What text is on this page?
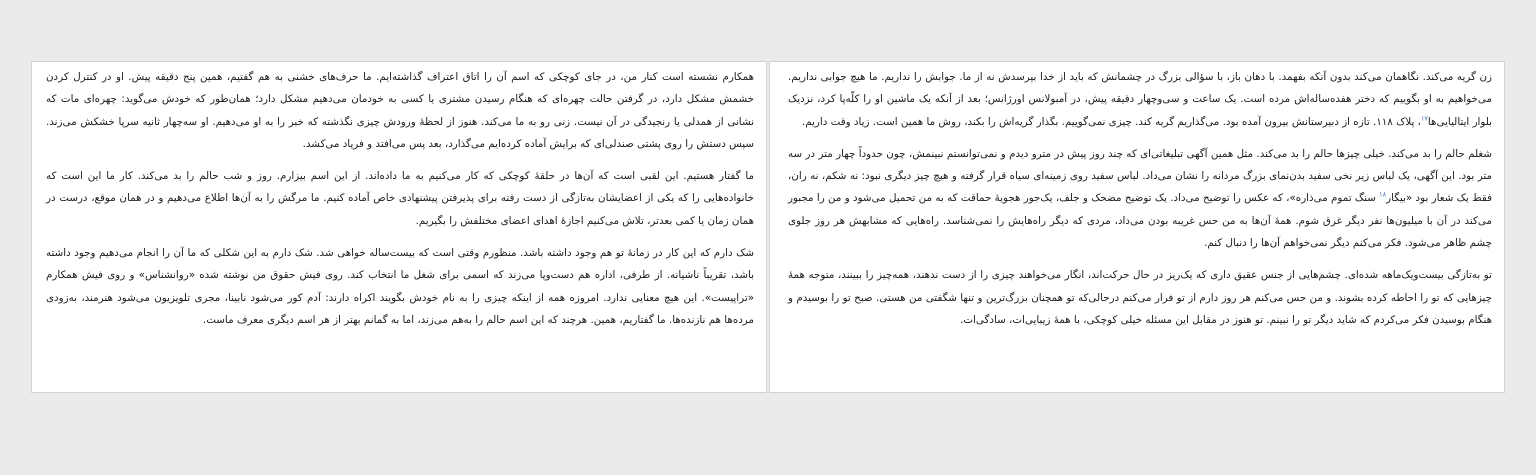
زن گریه می‌کند. نگاهمان می‌کند بدون آنکه بفهمد. با دهان باز، با سؤالی بزرگ در چشمانش که باید از خدا بپرسدش نه از ما. جوابش را نداریم. ما هیچ جوابی نداریم. می‌خواهیم به او بگوییم که دختر هفده‌ساله‌اش مرده است. یک ساعت و سی‌وچهار دقیقه پیش، در آمبولانس اورژانس؛ بعد از آنکه یک ماشین او را کلّه‌پا کرد، نزدیک بلوار ایتالیایی‌ها$^{۱۷}$، پلاک ۱۱۸. تازه از دبیرستانش بیرون آمده بود. می‌گذاریم گریه کند. چیزی نمی‌گوییم. بگذار گریه‌اش را بکند، روش ما همین است. زیاد وقت داریم.

شغلم حالم را بد می‌کند. خیلی چیزها حالم را بد می‌کند. مثل همین آگهی تبلیغاتی‌ای که چند روز پیش در مترو دیدم و نمی‌توانستم نبینمش، چون حدوداً چهار متر در سه متر بود. این آگهی، یک لباس زیر نخی سفید بدن‌نمای بزرگ مردانه را نشان می‌داد. لباس سفید روی زمینه‌ای سیاه قرار گرفته و هیچ چیز دیگری نبود: نه شکم، نه ران، فقط یک شعار بود «بیگار$^{۱۸}$ سنگ تموم می‌ذاره»، که عکس را توضیح می‌داد. یک توضیح مضحک و جلف، یک‌جور هجویهٔ حماقت که به من تحمیل می‌شود و من را مجبور می‌کند در آن با میلیون‌ها نفر دیگر غرق شوم. همهٔ آن‌ها به من حس غریبه بودن می‌داد، مردی که دیگر راه‌هایش را نمی‌شناسد. راه‌هایی که مشابهش هر روز جلوی چشم ظاهر می‌شود. فکر می‌کنم دیگر نمی‌خواهم آن‌ها را دنبال کنم.

تو به‌تازگی بیست‌ویک‌ماهه شده‌ای. چشم‌هایی از جنس عقیق داری که یک‌ریز در حال حرکت‌اند، انگار می‌خواهند چیزی را از دست ندهند، همه‌چیز را ببینند، متوجه همهٔ چیزهایی که تو را احاطه کرده بشوند. و من حس می‌کنم هر روز دارم از تو فرار می‌کنم درحالی‌که تو همچنان بزرگ‌ترین و تنها شگفتی من هستی. صبح تو را بوسیدم و هنگام بوسیدن فکر می‌کردم که شاید دیگر تو را نبینم. تو هنوز در مقابل این مسئله خیلی کوچکی، با همهٔ زیبایی‌ات، سادگی‌ات.

همکارم نشسته است کنار من، در جای کوچکی که اسم آن را اتاق اعتراف گذاشته‌ایم. ما حرف‌های خشنی به هم گفتیم، همین پنج دقیقه پیش. او در کنترل کردن خشمش مشکل دارد، در گرفتن حالت چهره‌ای که هنگام رسیدن مشتری یا کسی به خودمان می‌دهیم مشکل دارد؛ همان‌طور که خودش می‌گوید: چهره‌ای مات که نشانی از همدلی یا رنجیدگی در آن نیست. زنی رو به ما می‌کند. هنوز از لحظهٔ ورودش چیزی نگذشته که خبر را به او می‌دهیم. او سه‌چهار ثانیه سرپا خشکش می‌زند. سپس دستش را روی پشتی صندلی‌ای که برایش آماده کرده‌ایم می‌گذارد، بعد پس می‌افتد و فریاد می‌کشد.

ما گفتار هستیم. این لقبی است که آن‌ها در حلقهٔ کوچکی که کار می‌کنیم به ما داده‌اند. از این اسم بیزارم. روز و شب حالم را بد می‌کند. کار ما این است که خانواده‌هایی را که یکی از اعضایشان به‌تازگی از دست رفته برای پذیرفتن پیشنهادی خاص آماده کنیم. ما مرگش را به آن‌ها اطلاع می‌دهیم و در همان موقع، درست در همان زمان یا کمی بعدتر، تلاش می‌کنیم اجازهٔ اهدای اعضای مختلفش را بگیریم.

شک دارم که این کار در زمانهٔ تو هم وجود داشته باشد. منظورم وقتی است که بیست‌ساله خواهی شد. شک دارم به این شکلی که ما آن را انجام می‌دهیم وجود داشته باشد، تقریباً ناشیانه. از طرفی، اداره هم دست‌وپا می‌زند که اسمی برای شغل ما انتخاب کند. روی فیش حقوق من نوشته شده «روانشناس» و روی فیش همکارم «تراپیست». این هیچ معنایی ندارد. امروزه همه از اینکه چیزی را به نام خودش بگویند اکراه دارند: آدم کور می‌شود نابینا، مجری تلویزیون می‌شود هنرمند، به‌زودی مرده‌ها هم نازنده‌ها. ما گفتاریم، همین. هرچند که این اسم حالم را به‌هم می‌زند، اما به گمانم بهتر از هر اسم دیگری معرف ماست.
